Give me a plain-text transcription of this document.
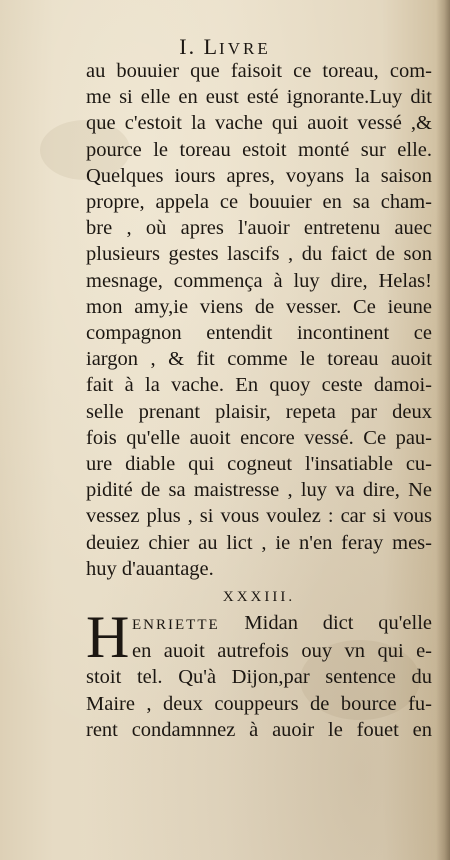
I. LIVRE
au bouuier que faisoit ce toreau, com-
me si elle en eust esté ignorante.Luy dit
que c'estoit la vache qui auoit vessé ,&
pource le toreau estoit monté sur elle.
Quelques iours apres, voyans la saison
propre, appela ce bouuier en sa cham-
bre , où apres l'auoir entretenu auec
plusieurs gestes lascifs , du faict de son
mesnage, commença à luy dire, Helas!
mon amy,ie viens de vesser. Ce ieune
compagnon entendit incontinent ce
iargon , & fit comme le toreau auoit
fait à la vache. En quoy ceste damoi-
selle prenant plaisir, repeta par deux
fois qu'elle auoit encore vessé. Ce pau-
ure diable qui cogneut l'insatiable cu-
pidité de sa maistresse , luy va dire, Ne
vessez plus , si vous voulez : car si vous
deuiez chier au lict , ie n'en feray mes-
huy d'auantage.
XXXIII.
H ENRIETTE Midan dict qu'elle
en auoit autrefois ouy vn qui e-
stoit tel. Qu'à Dijon,par sentence du
Maire , deux couppeurs de bource fu-
rent condamnnez à auoir le fouet en
